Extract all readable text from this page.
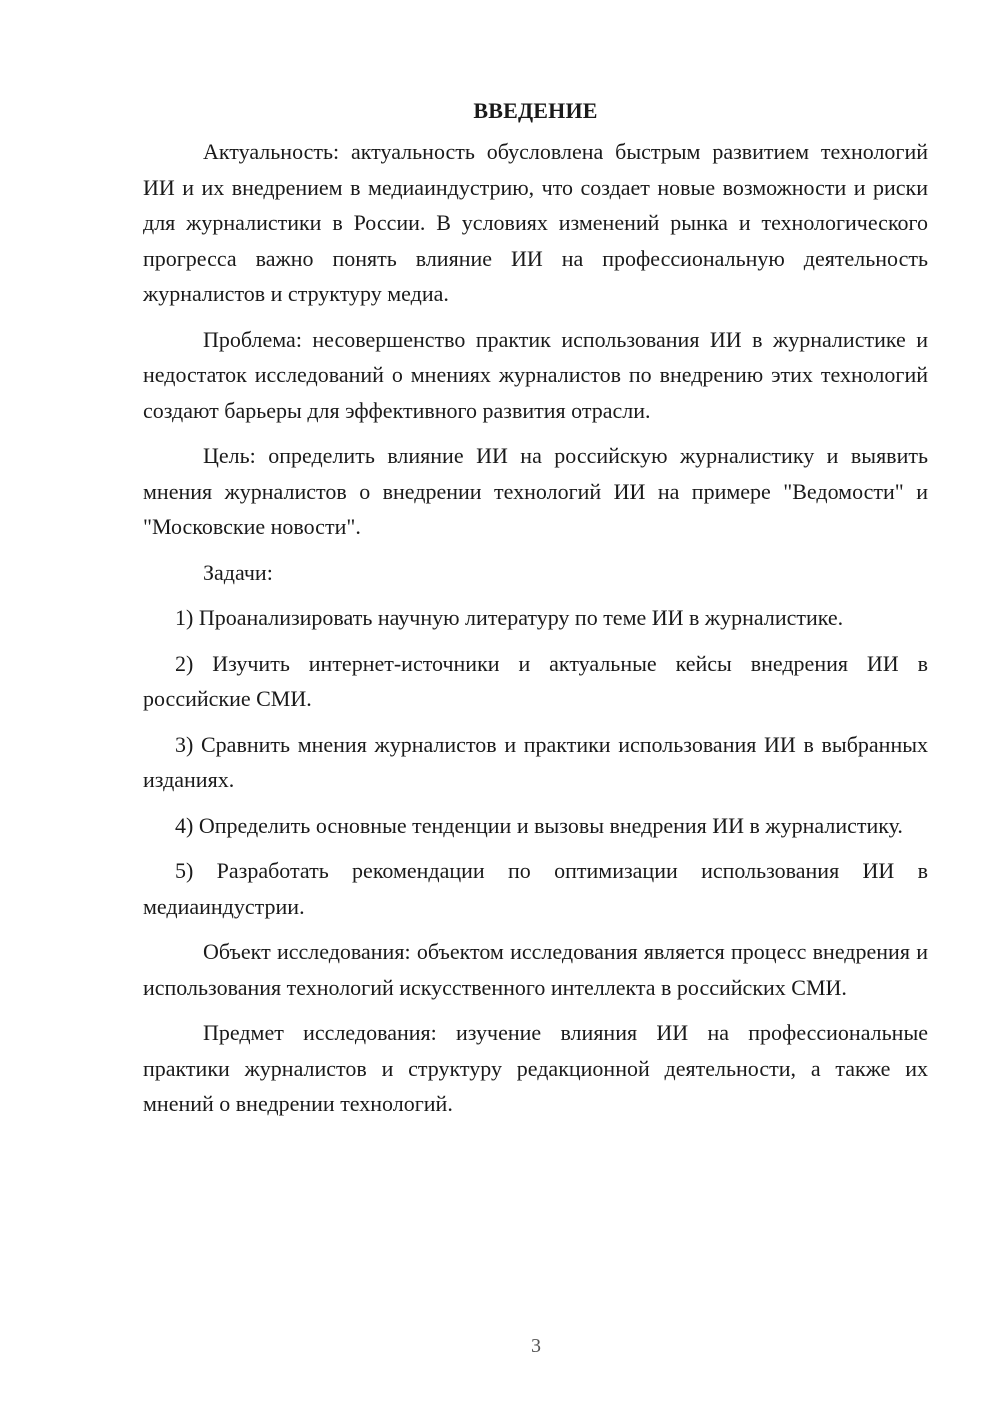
ВВЕДЕНИЕ

Актуальность: актуальность обусловлена быстрым развитием технологий ИИ и их внедрением в медиаиндустрию, что создает новые возможности и риски для журналистики в России. В условиях изменений рынка и технологического прогресса важно понять влияние ИИ на профессиональную деятельность журналистов и структуру медиа.

Проблема: несовершенство практик использования ИИ в журналистике и недостаток исследований о мнениях журналистов по внедрению этих технологий создают барьеры для эффективного развития отрасли.

Цель: определить влияние ИИ на российскую журналистику и выявить мнения журналистов о внедрении технологий ИИ на примере "Ведомости" и "Московские новости".

Задачи:

1) Проанализировать научную литературу по теме ИИ в журналистике.

2) Изучить интернет-источники и актуальные кейсы внедрения ИИ в российские СМИ.

3) Сравнить мнения журналистов и практики использования ИИ в выбранных изданиях.

4) Определить основные тенденции и вызовы внедрения ИИ в журналистику.

5) Разработать рекомендации по оптимизации использования ИИ в медиаиндустрии.

Объект исследования: объектом исследования является процесс внедрения и использования технологий искусственного интеллекта в российских СМИ.

Предмет исследования: изучение влияния ИИ на профессиональные практики журналистов и структуру редакционной деятельности, а также их мнений о внедрении технологий.

3
